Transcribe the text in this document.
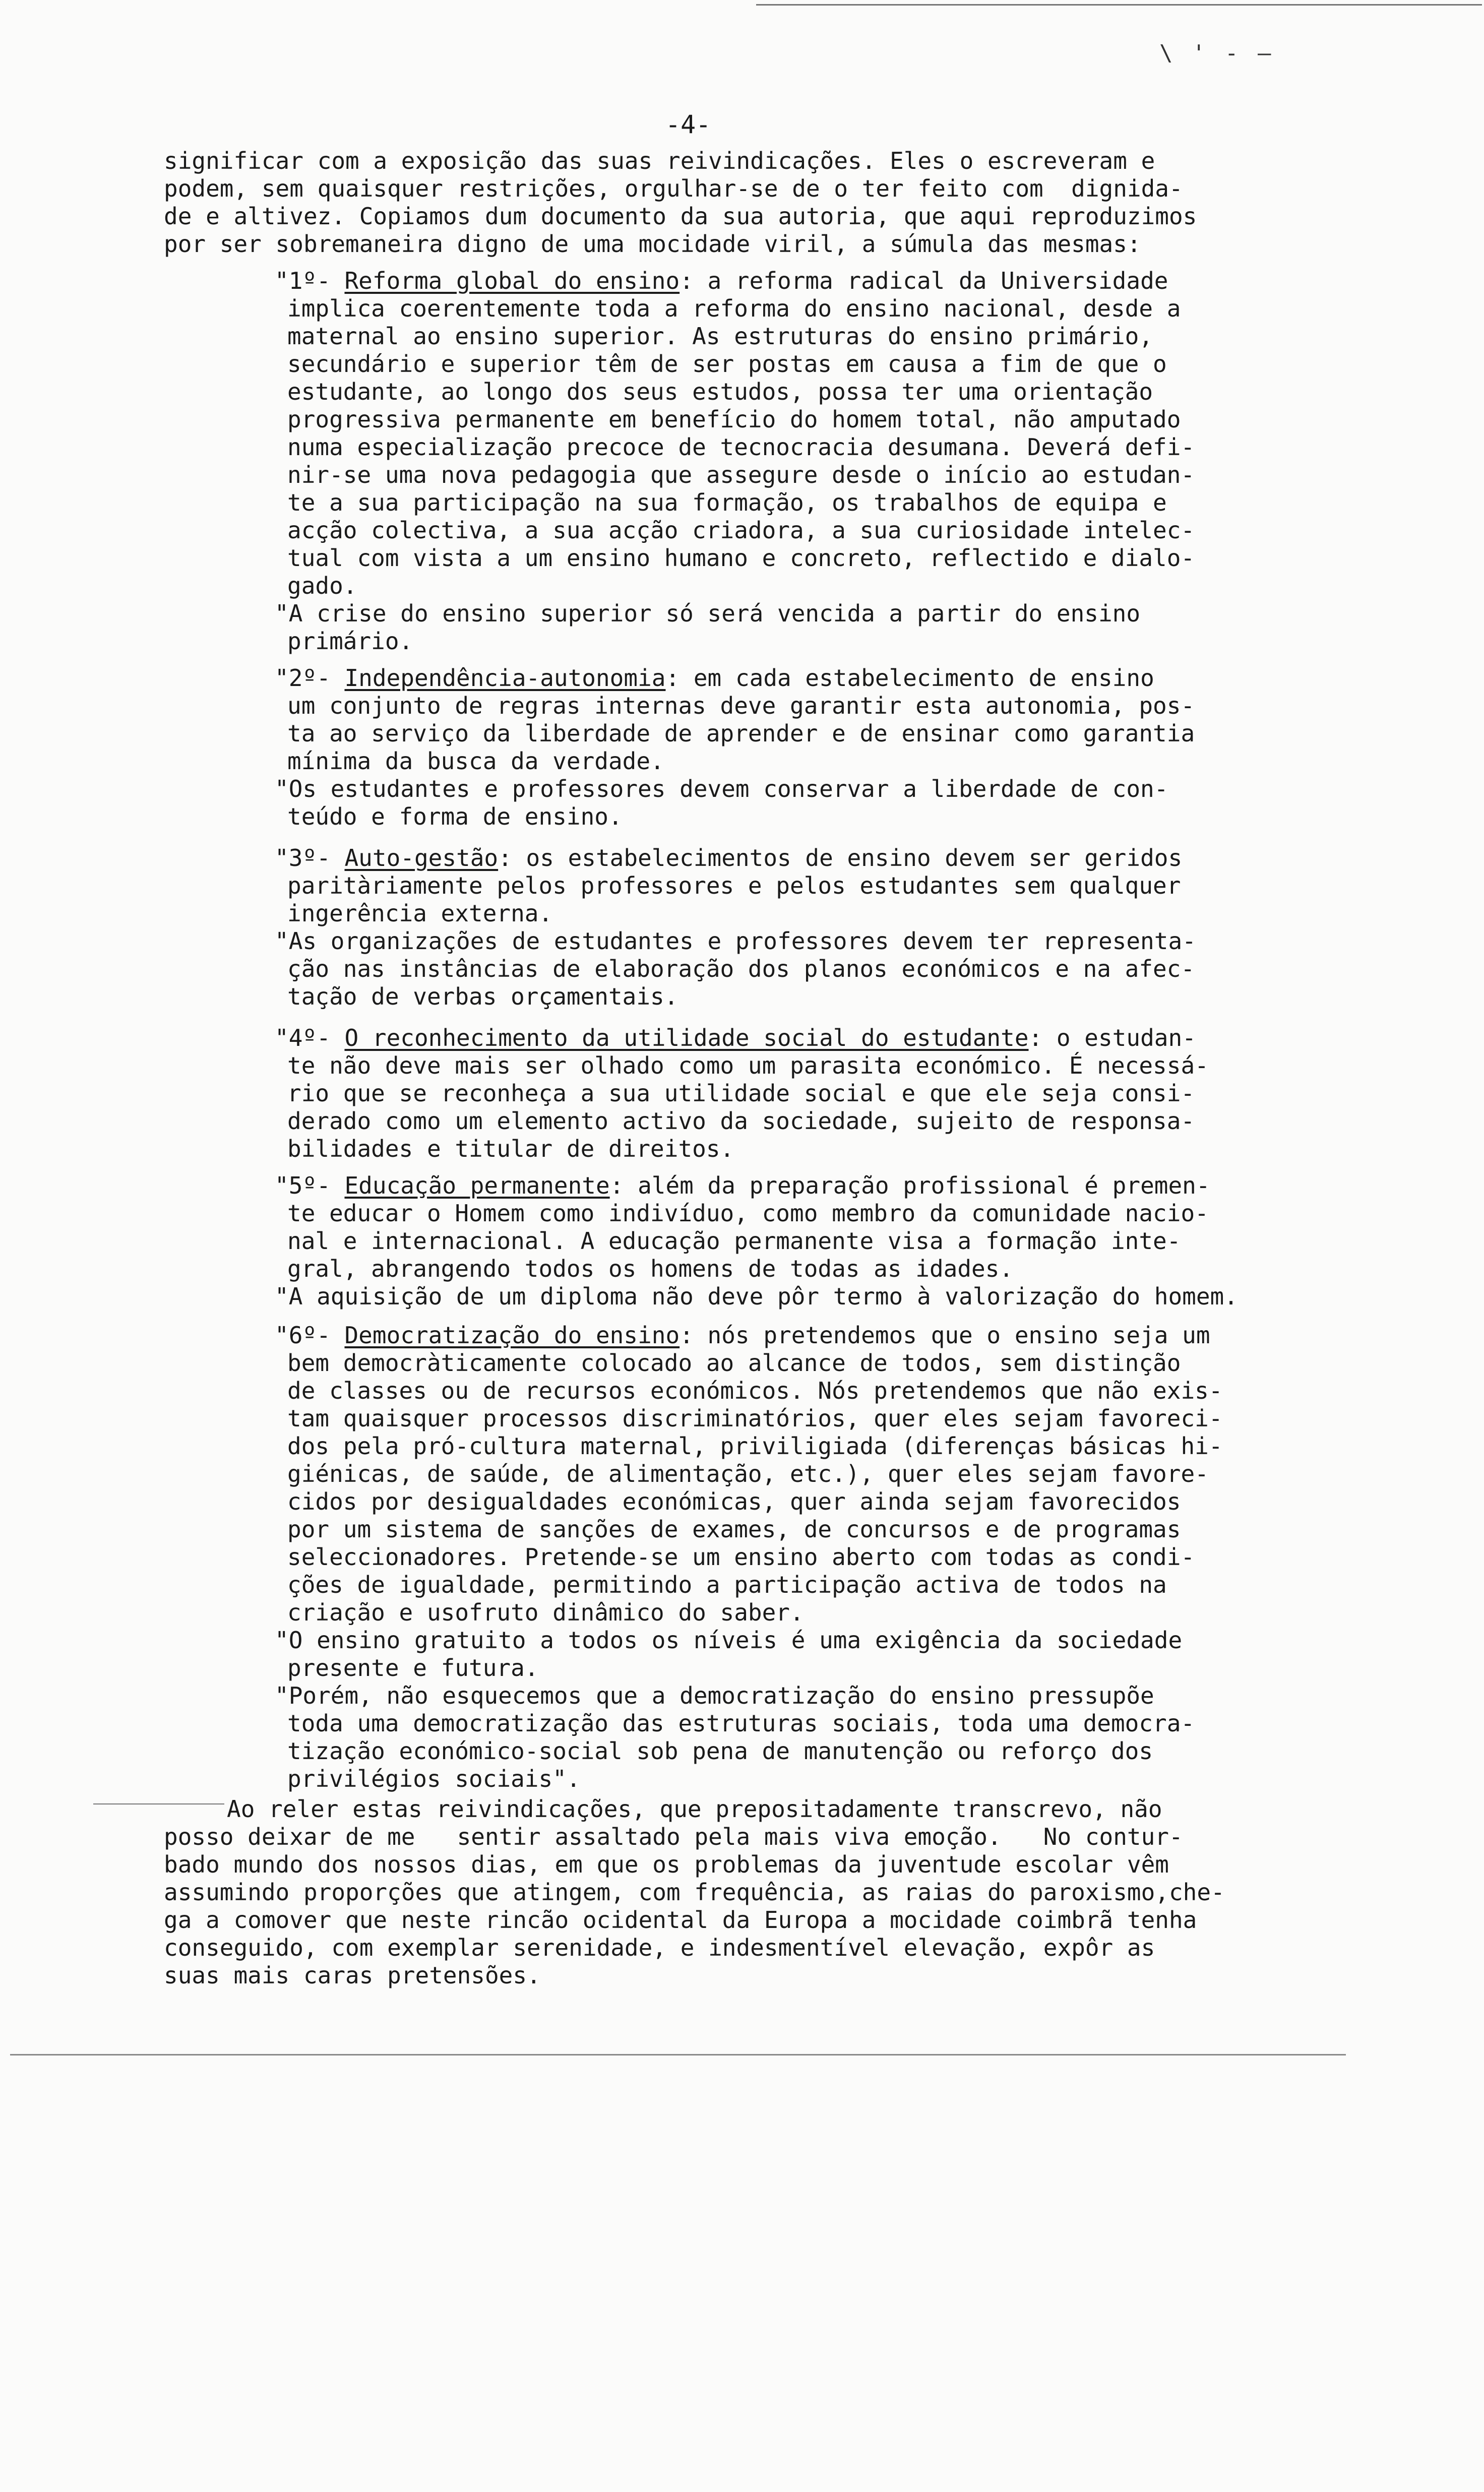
\ ' - —
-4-

significar com a exposição das suas reivindicações. Eles o escreveram e

podem, sem quaisquer restrições, orgulhar-se de o ter feito com  dignida-

de e altivez. Copiamos dum documento da sua autoria, que aqui reproduzimos

por ser sobremaneira digno de uma mocidade viril, a súmula das mesmas:

"1º- Reforma global do ensino: a reforma radical da Universidade

implica coerentemente toda a reforma do ensino nacional, desde a

maternal ao ensino superior. As estruturas do ensino primário,

secundário e superior têm de ser postas em causa a fim de que o

estudante, ao longo dos seus estudos, possa ter uma orientação

progressiva permanente em benefício do homem total, não amputado

numa especialização precoce de tecnocracia desumana. Deverá defi-

nir-se uma nova pedagogia que assegure desde o início ao estudan-

te a sua participação na sua formação, os trabalhos de equipa e

acção colectiva, a sua acção criadora, a sua curiosidade intelec-

tual com vista a um ensino humano e concreto, reflectido e dialo-

gado.

"A crise do ensino superior só será vencida a partir do ensino

primário.

"2º- Independência-autonomia: em cada estabelecimento de ensino

um conjunto de regras internas deve garantir esta autonomia, pos-

ta ao serviço da liberdade de aprender e de ensinar como garantia

mínima da busca da verdade.

"Os estudantes e professores devem conservar a liberdade de con-

teúdo e forma de ensino.

"3º- Auto-gestão: os estabelecimentos de ensino devem ser geridos

paritàriamente pelos professores e pelos estudantes sem qualquer

ingerência externa.

"As organizações de estudantes e professores devem ter representa-

ção nas instâncias de elaboração dos planos económicos e na afec-

tação de verbas orçamentais.

"4º- O reconhecimento da utilidade social do estudante: o estudan-

te não deve mais ser olhado como um parasita económico. É necessá-

rio que se reconheça a sua utilidade social e que ele seja consi-

derado como um elemento activo da sociedade, sujeito de responsa-

bilidades e titular de direitos.

"5º- Educação permanente: além da preparação profissional é premen-

te educar o Homem como indivíduo, como membro da comunidade nacio-

nal e internacional. A educação permanente visa a formação inte-

gral, abrangendo todos os homens de todas as idades.

"A aquisição de um diploma não deve pôr termo à valorização do homem.

"6º- Democratização do ensino: nós pretendemos que o ensino seja um

bem democràticamente colocado ao alcance de todos, sem distinção

de classes ou de recursos económicos. Nós pretendemos que não exis-

tam quaisquer processos discriminatórios, quer eles sejam favoreci-

dos pela pró-cultura maternal, priviligiada (diferenças básicas hi-

giénicas, de saúde, de alimentação, etc.), quer eles sejam favore-

cidos por desigualdades económicas, quer ainda sejam favorecidos

por um sistema de sanções de exames, de concursos e de programas

seleccionadores. Pretende-se um ensino aberto com todas as condi-

ções de igualdade, permitindo a participação activa de todos na

criação e usofruto dinâmico do saber.

"O ensino gratuito a todos os níveis é uma exigência da sociedade

presente e futura.

"Porém, não esquecemos que a democratização do ensino pressupõe

toda uma democratização das estruturas sociais, toda uma democra-

tização económico-social sob pena de manutenção ou reforço dos

privilégios sociais".

Ao reler estas reivindicações, que prepositadamente transcrevo, não

posso deixar de me   sentir assaltado pela mais viva emoção.   No contur-

bado mundo dos nossos dias, em que os problemas da juventude escolar vêm

assumindo proporções que atingem, com frequência, as raias do paroxismo,che-

ga a comover que neste rincão ocidental da Europa a mocidade coimbrã tenha

conseguido, com exemplar serenidade, e indesmentível elevação, expôr as

suas mais caras pretensões.
